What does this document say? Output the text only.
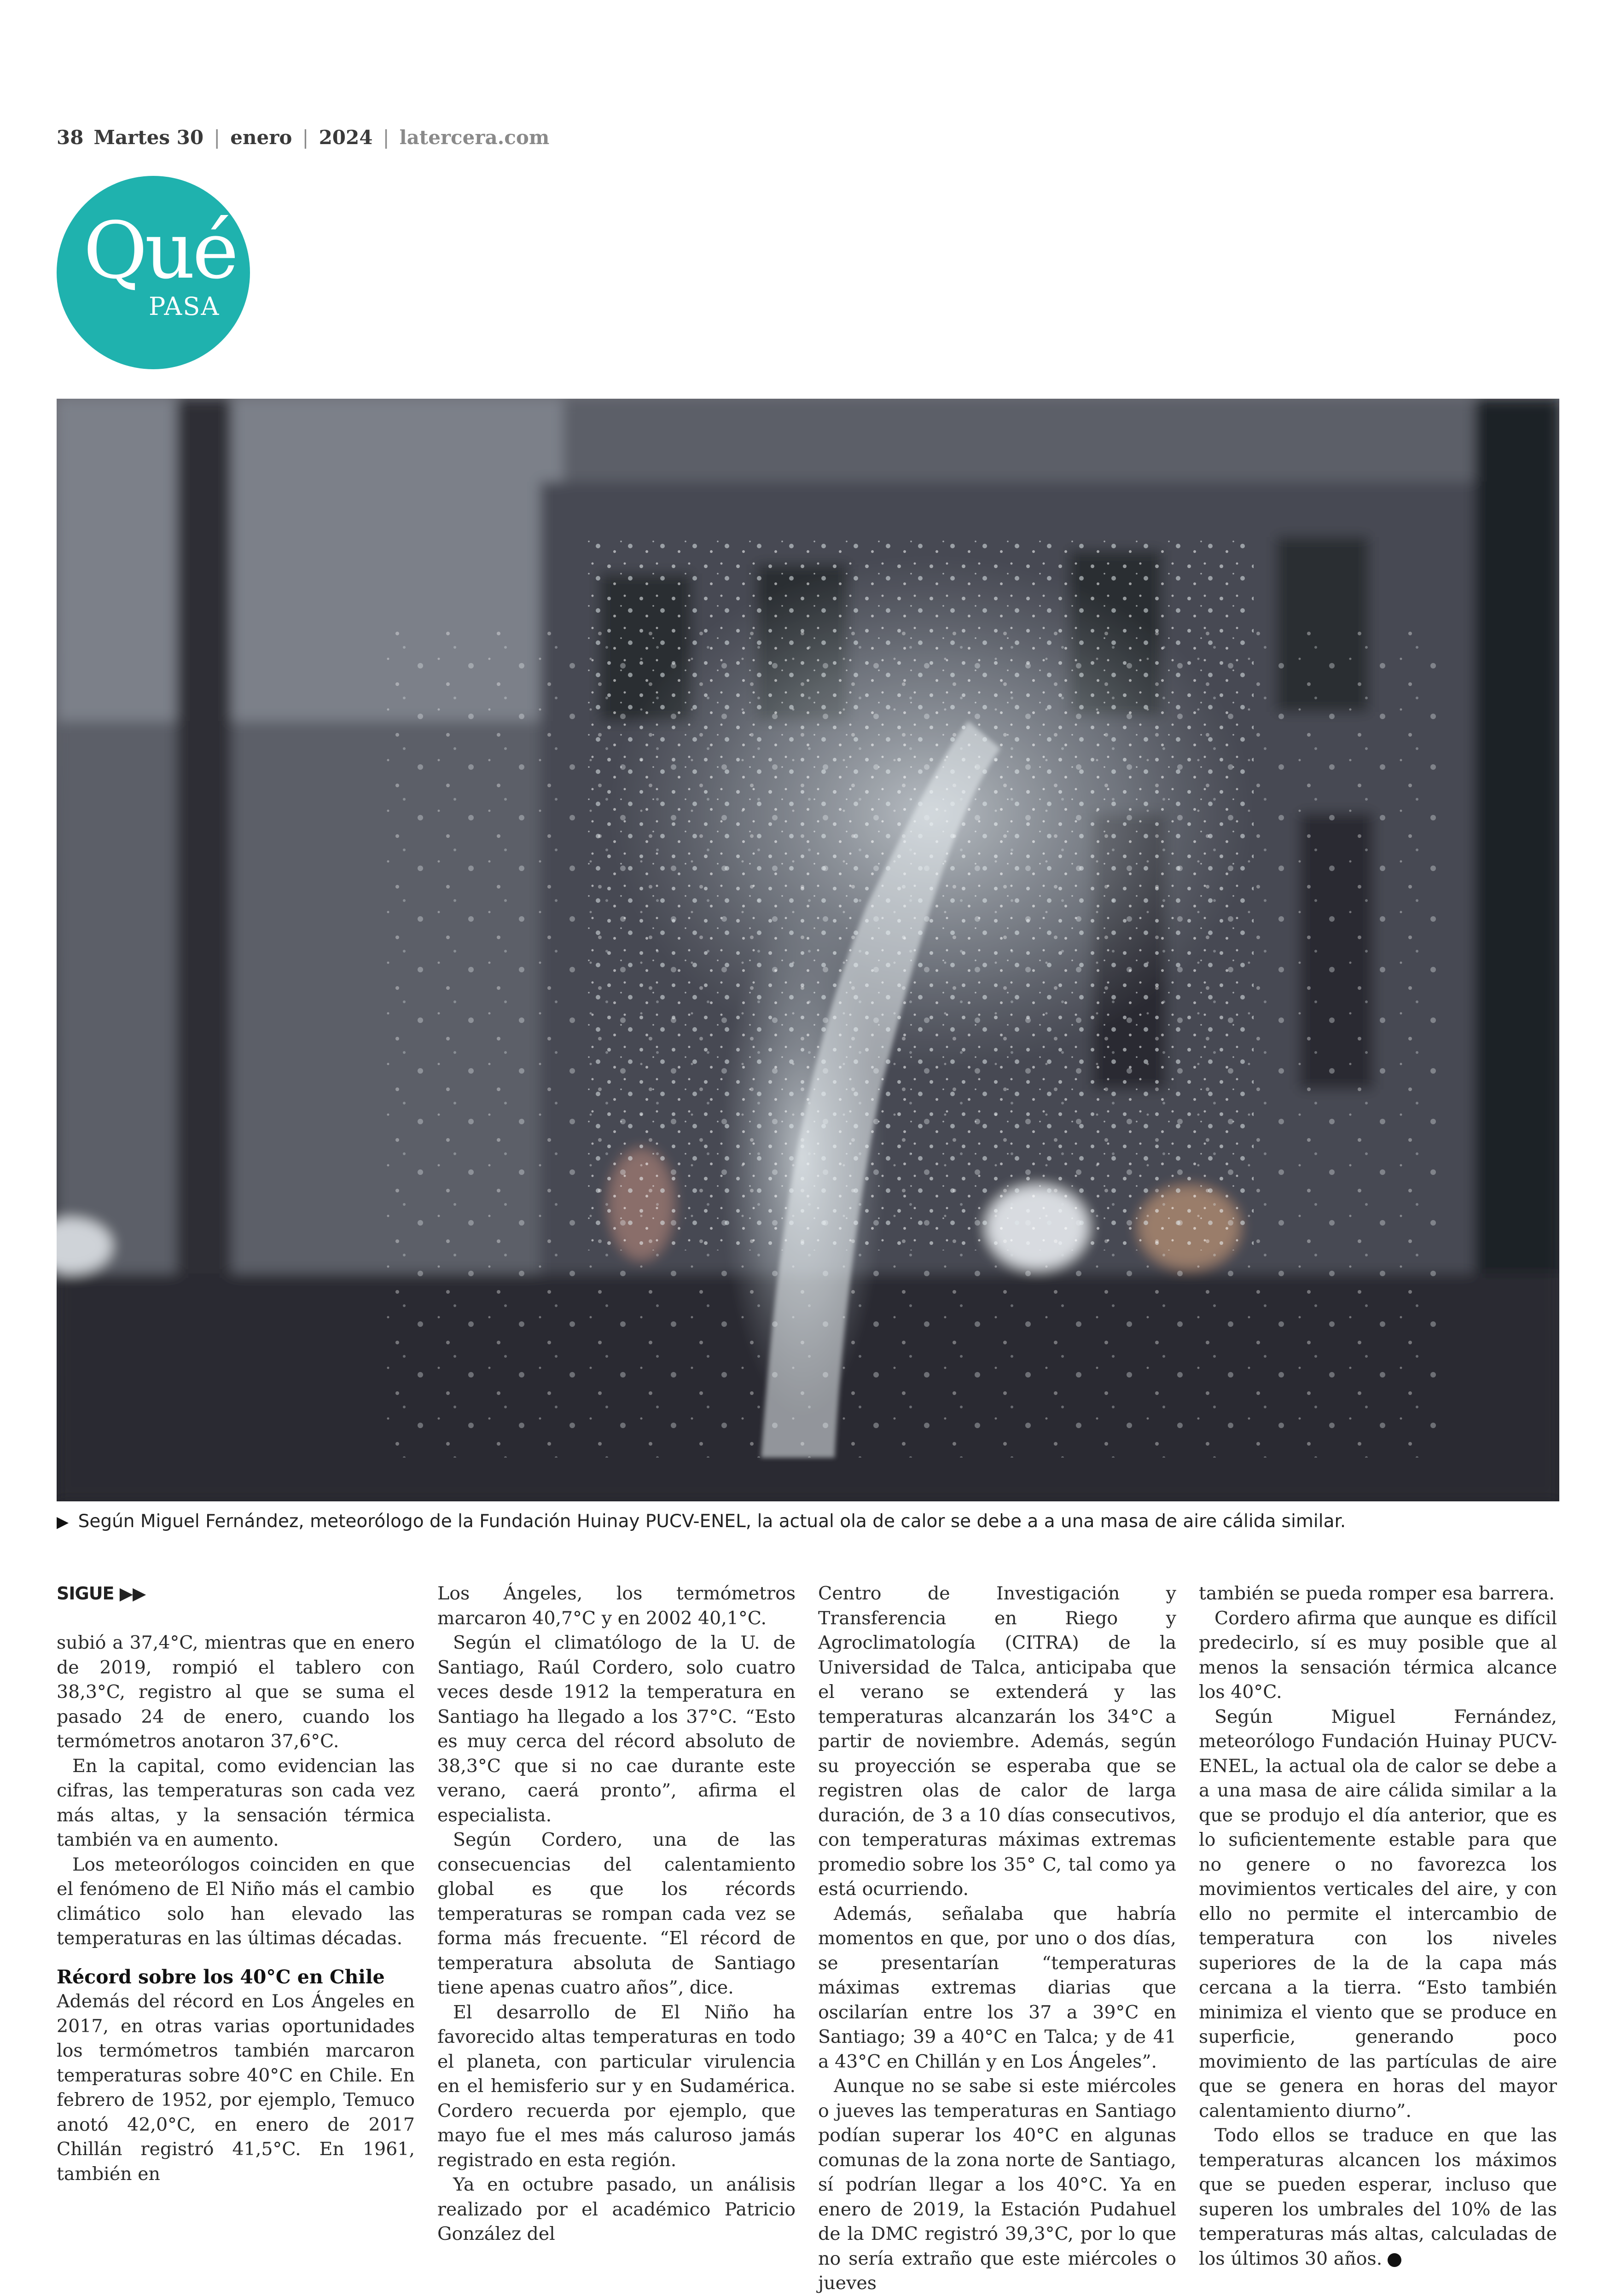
38 Martes 30 | enero | 2024 | latercera.com
Qué
PASA
▶ Según Miguel Fernández, meteorólogo de la Fundación Huinay PUCV-ENEL, la actual ola de calor se debe a a una masa de aire cálida similar.
SIGUE ▶▶

subió a 37,4°C, mientras que en enero de 2019, rompió el tablero con 38,3°C, registro al que se suma el pasado 24 de enero, cuando los termómetros anotaron 37,6°C.

En la capital, como evidencian las cifras, las temperaturas son cada vez más altas, y la sensación térmica también va en aumento.

Los meteorólogos coinciden en que el fenómeno de El Niño más el cambio climático solo han elevado las temperaturas en las últimas décadas.

Récord sobre los 40°C en Chile

Además del récord en Los Ángeles en 2017, en otras varias oportunidades los termómetros también marcaron temperaturas sobre 40°C en Chile. En febrero de 1952, por ejemplo, Temuco anotó 42,0°C, en enero de 2017 Chillán registró 41,5°C. En 1961, también en

Los Ángeles, los termómetros marcaron 40,7°C y en 2002 40,1°C.

Según el climatólogo de la U. de Santiago, Raúl Cordero, solo cuatro veces desde 1912 la temperatura en Santiago ha llegado a los 37°C. “Esto es muy cerca del récord absoluto de 38,3°C que si no cae durante este verano, caerá pronto”, afirma el especialista.

Según Cordero, una de las consecuencias del calentamiento global es que los récords temperaturas se rompan cada vez se forma más frecuente. “El récord de temperatura absoluta de Santiago tiene apenas cuatro años”, dice.

El desarrollo de El Niño ha favorecido altas temperaturas en todo el planeta, con particular virulencia en el hemisferio sur y en Sudamérica. Cordero recuerda por ejemplo, que mayo fue el mes más caluroso jamás registrado en esta región.

Ya en octubre pasado, un análisis realizado por el académico Patricio González del

Centro de Investigación y Transferencia en Riego y Agroclimatología (CITRA) de la Universidad de Talca, anticipaba que el verano se extenderá y las temperaturas alcanzarán los 34°C a partir de noviembre. Además, según su proyección se esperaba que se registren olas de calor de larga duración, de 3 a 10 días consecutivos, con temperaturas máximas extremas promedio sobre los 35° C, tal como ya está ocurriendo.

Además, señalaba que habría momentos en que, por uno o dos días, se presentarían “temperaturas máximas extremas diarias que oscilarían entre los 37 a 39°C en Santiago; 39 a 40°C en Talca; y de 41 a 43°C en Chillán y en Los Ángeles”.

Aunque no se sabe si este miércoles o jueves las temperaturas en Santiago podían superar los 40°C en algunas comunas de la zona norte de Santiago, sí podrían llegar a los 40°C. Ya en enero de 2019, la Estación Pudahuel de la DMC registró 39,3°C, por lo que no sería extraño que este miércoles o jueves

también se pueda romper esa barrera.

Cordero afirma que aunque es difícil predecirlo, sí es muy posible que al menos la sensación térmica alcance los 40°C.

Según Miguel Fernández, meteorólogo Fundación Huinay PUCV-ENEL, la actual ola de calor se debe a a una masa de aire cálida similar a la que se produjo el día anterior, que es lo suficientemente estable para que no genere o no favorezca los movimientos verticales del aire, y con ello no permite el intercambio de temperatura con los niveles superiores de la de la capa más cercana a la tierra. “Esto también minimiza el viento que se produce en superficie, generando poco movimiento de las partículas de aire que se genera en horas del mayor calentamiento diurno”.

Todo ellos se traduce en que las temperaturas alcancen los máximos que se pueden esperar, incluso que superen los umbrales del 10% de las temperaturas más altas, calculadas de los últimos 30 años.
